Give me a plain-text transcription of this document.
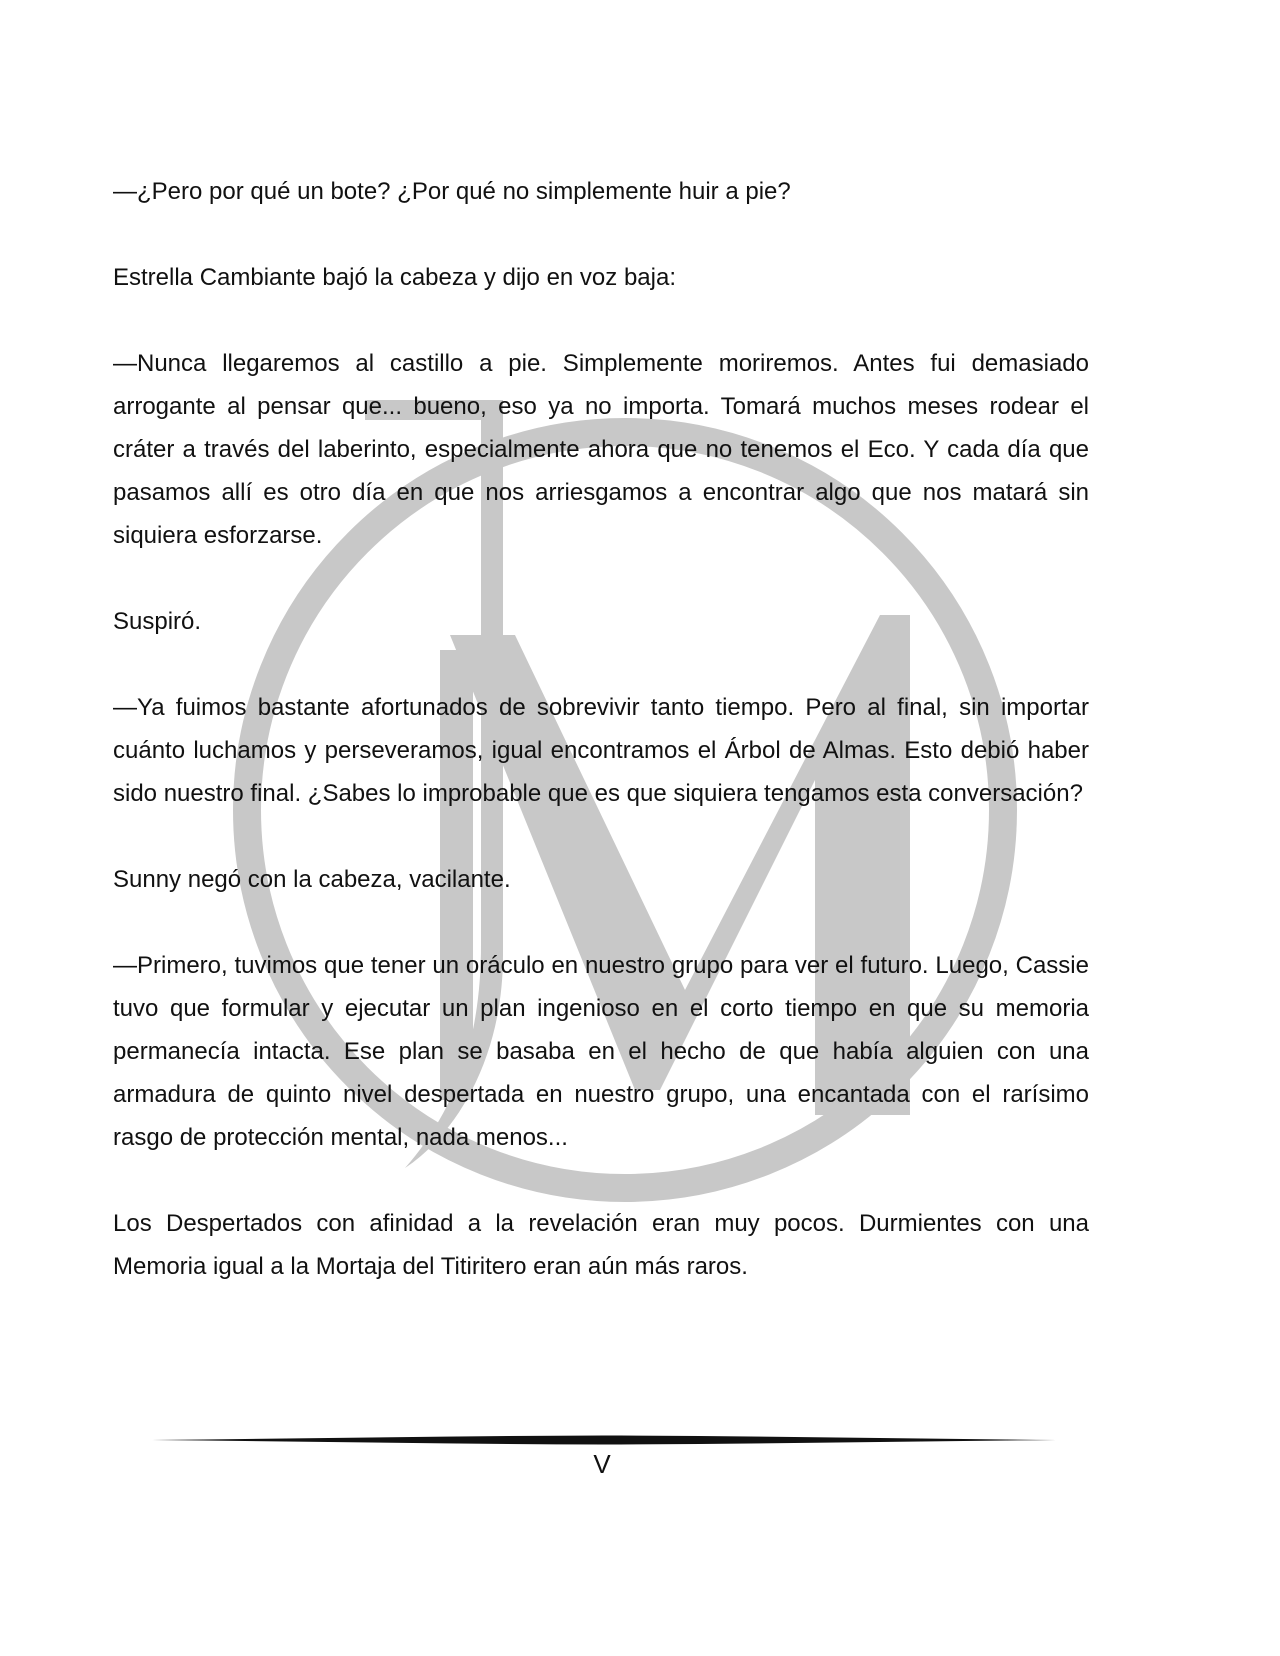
—¿Pero por qué un bote? ¿Por qué no simplemente huir a pie?

Estrella Cambiante bajó la cabeza y dijo en voz baja:

—Nunca llegaremos al castillo a pie. Simplemente moriremos. Antes fui demasiado arrogante al pensar que... bueno, eso ya no importa. Tomará muchos meses rodear el cráter a través del laberinto, especialmente ahora que no tenemos el Eco. Y cada día que pasamos allí es otro día en que nos arriesgamos a encontrar algo que nos matará sin siquiera esforzarse.

Suspiró.

—Ya fuimos bastante afortunados de sobrevivir tanto tiempo. Pero al final, sin importar cuánto luchamos y perseveramos, igual encontramos el Árbol de Almas. Esto debió haber sido nuestro final. ¿Sabes lo improbable que es que siquiera tengamos esta conversación?

Sunny negó con la cabeza, vacilante.

—Primero, tuvimos que tener un oráculo en nuestro grupo para ver el futuro. Luego, Cassie tuvo que formular y ejecutar un plan ingenioso en el corto tiempo en que su memoria permanecía intacta. Ese plan se basaba en el hecho de que había alguien con una armadura de quinto nivel despertada en nuestro grupo, una encantada con el rarísimo rasgo de protección mental, nada menos...

Los Despertados con afinidad a la revelación eran muy pocos. Durmientes con una Memoria igual a la Mortaja del Titiritero eran aún más raros.

V
